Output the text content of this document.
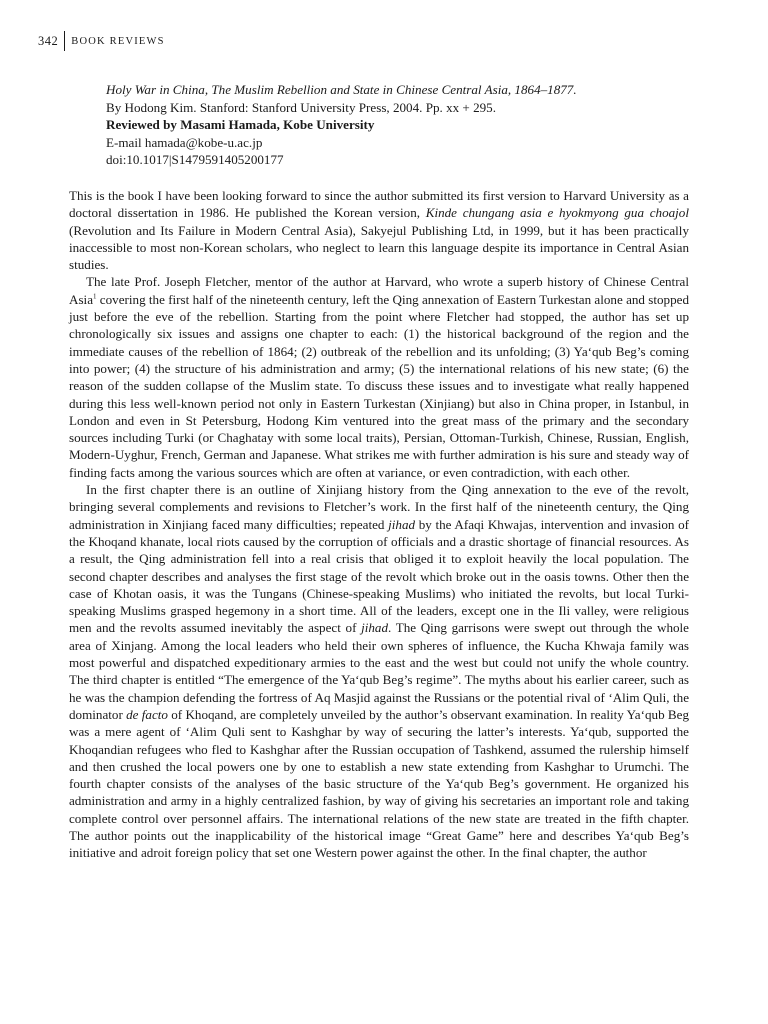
342	BOOK REVIEWS
Holy War in China, The Muslim Rebellion and State in Chinese Central Asia, 1864–1877.
By Hodong Kim. Stanford: Stanford University Press, 2004. Pp. xx + 295.
Reviewed by Masami Hamada, Kobe University
E-mail hamada@kobe-u.ac.jp
doi:10.1017|S1479591405200177

This is the book I have been looking forward to since the author submitted its first version to Harvard University as a doctoral dissertation in 1986. He published the Korean version, Kinde chungang asia e hyokmyong gua choajol (Revolution and Its Failure in Modern Central Asia), Sakyejul Publishing Ltd, in 1999, but it has been practically inaccessible to most non-Korean scholars, who neglect to learn this language despite its importance in Central Asian studies.

The late Prof. Joseph Fletcher, mentor of the author at Harvard, who wrote a superb history of Chinese Central Asia$^1$ covering the first half of the nineteenth century, left the Qing annexation of Eastern Turkestan alone and stopped just before the eve of the rebellion. Starting from the point where Fletcher had stopped, the author has set up chronologically six issues and assigns one chapter to each: (1) the historical background of the region and the immediate causes of the rebellion of 1864; (2) outbreak of the rebellion and its unfolding; (3) Ya‘qub Beg’s coming into power; (4) the structure of his administration and army; (5) the international relations of his new state; (6) the reason of the sudden collapse of the Muslim state. To discuss these issues and to investigate what really happened during this less well-known period not only in Eastern Turkestan (Xinjiang) but also in China proper, in Istanbul, in London and even in St Petersburg, Hodong Kim ventured into the great mass of the primary and the secondary sources including Turki (or Chaghatay with some local traits), Persian, Ottoman-Turkish, Chinese, Russian, English, Modern-Uyghur, French, German and Japanese. What strikes me with further admiration is his sure and steady way of finding facts among the various sources which are often at variance, or even contradiction, with each other.

In the first chapter there is an outline of Xinjiang history from the Qing annexation to the eve of the revolt, bringing several complements and revisions to Fletcher’s work. In the first half of the nineteenth century, the Qing administration in Xinjiang faced many difficulties; repeated jihad by the Afaqi Khwajas, intervention and invasion of the Khoqand khanate, local riots caused by the corruption of officials and a drastic shortage of financial resources. As a result, the Qing administration fell into a real crisis that obliged it to exploit heavily the local population. The second chapter describes and analyses the first stage of the revolt which broke out in the oasis towns. Other then the case of Khotan oasis, it was the Tungans (Chinese-speaking Muslims) who initiated the revolts, but local Turki-speaking Muslims grasped hegemony in a short time. All of the leaders, except one in the Ili valley, were religious men and the revolts assumed inevitably the aspect of jihad. The Qing garrisons were swept out through the whole area of Xinjang. Among the local leaders who held their own spheres of influence, the Kucha Khwaja family was most powerful and dispatched expeditionary armies to the east and the west but could not unify the whole country. The third chapter is entitled “The emergence of the Ya‘qub Beg’s regime”. The myths about his earlier career, such as he was the champion defending the fortress of Aq Masjid against the Russians or the potential rival of ‘Alim Quli, the dominator de facto of Khoqand, are completely unveiled by the author’s observant examination. In reality Ya‘qub Beg was a mere agent of ‘Alim Quli sent to Kashghar by way of securing the latter’s interests. Ya‘qub, supported the Khoqandian refugees who fled to Kashghar after the Russian occupation of Tashkend, assumed the rulership himself and then crushed the local powers one by one to establish a new state extending from Kashghar to Urumchi. The fourth chapter consists of the analyses of the basic structure of the Ya‘qub Beg’s government. He organized his administration and army in a highly centralized fashion, by way of giving his secretaries an important role and taking complete control over personnel affairs. The international relations of the new state are treated in the fifth chapter. The author points out the inapplicability of the historical image “Great Game” here and describes Ya‘qub Beg’s initiative and adroit foreign policy that set one Western power against the other. In the final chapter, the author
